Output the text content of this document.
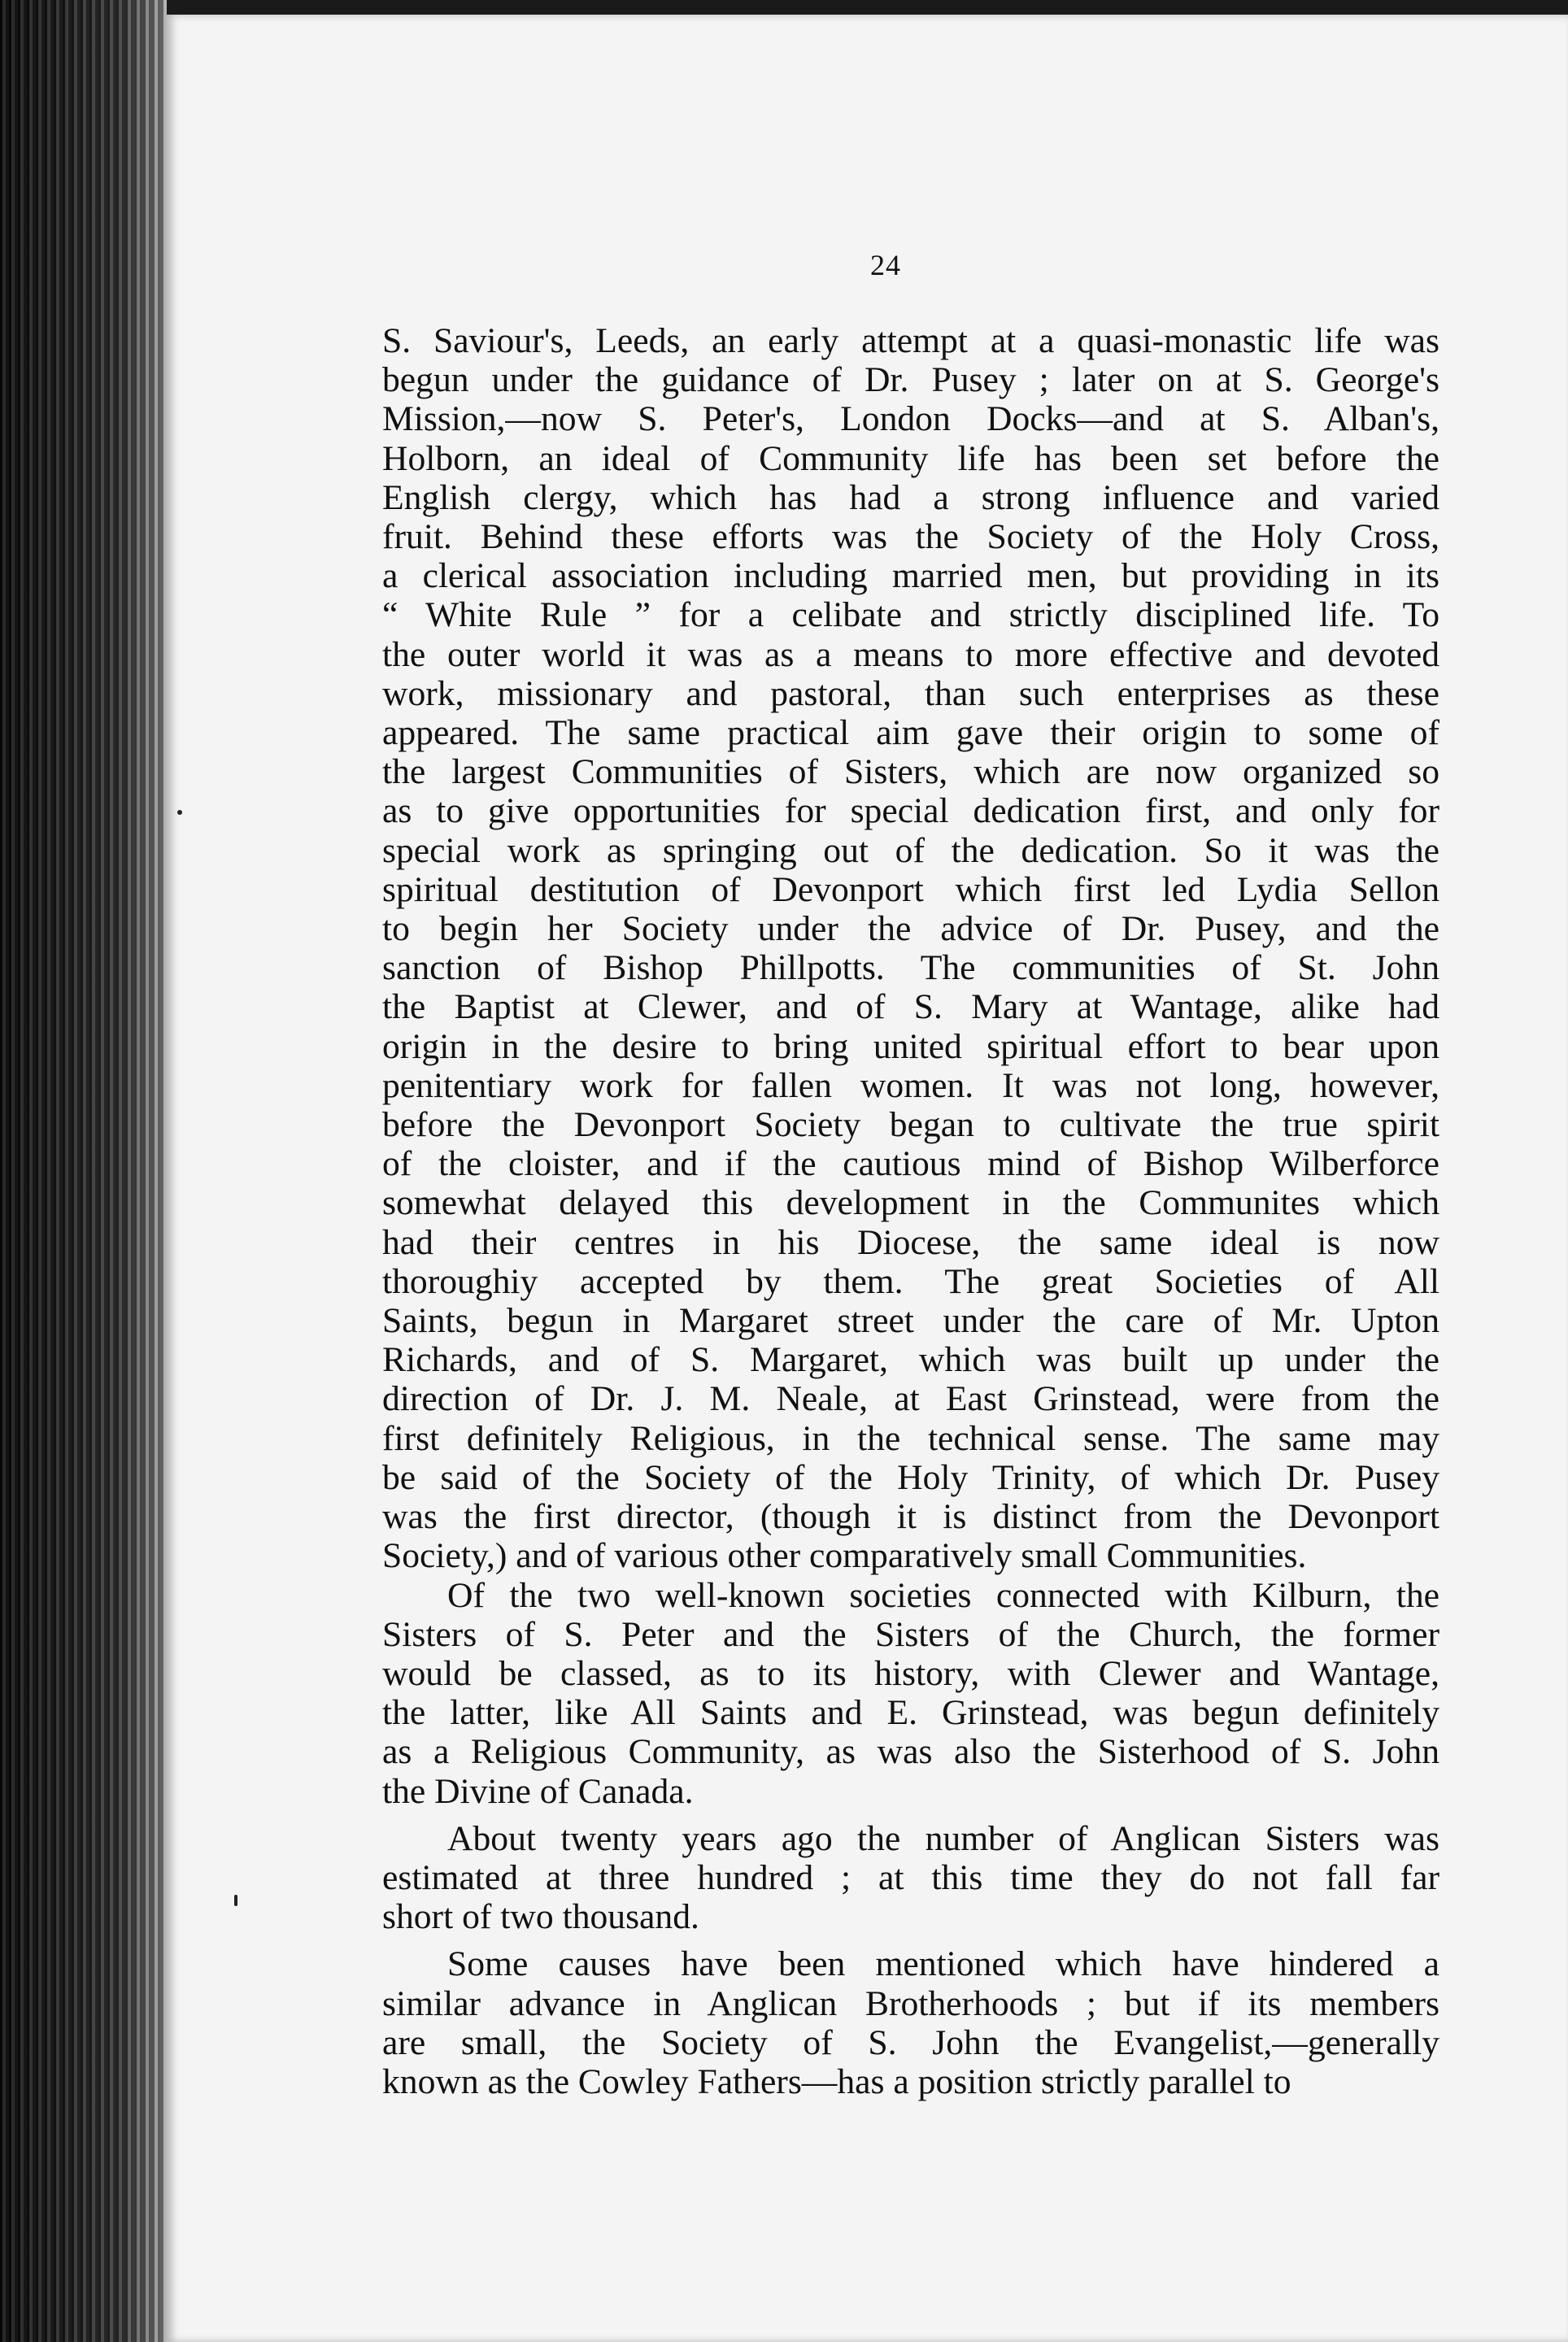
24
S. Saviour's, Leeds, an early attempt at a quasi-monastic life was
begun under the guidance of Dr. Pusey ; later on at S. George's
Mission,—now S. Peter's, London Docks—and at S. Alban's,
Holborn, an ideal of Community life has been set before the
English clergy, which has had a strong influence and varied
fruit. Behind these efforts was the Society of the Holy Cross,
a clerical association including married men, but providing in its
“ White Rule ” for a celibate and strictly disciplined life. To
the outer world it was as a means to more effective and devoted
work, missionary and pastoral, than such enterprises as these
appeared. The same practical aim gave their origin to some of
the largest Communities of Sisters, which are now organized so
as to give opportunities for special dedication first, and only for
special work as springing out of the dedication. So it was the
spiritual destitution of Devonport which first led Lydia Sellon
to begin her Society under the advice of Dr. Pusey, and the
sanction of Bishop Phillpotts. The communities of St. John
the Baptist at Clewer, and of S. Mary at Wantage, alike had
origin in the desire to bring united spiritual effort to bear upon
penitentiary work for fallen women. It was not long, however,
before the Devonport Society began to cultivate the true spirit
of the cloister, and if the cautious mind of Bishop Wilberforce
somewhat delayed this development in the Communites which
had their centres in his Diocese, the same ideal is now
thoroughiy accepted by them. The great Societies of All
Saints, begun in Margaret street under the care of Mr. Upton
Richards, and of S. Margaret, which was built up under the
direction of Dr. J. M. Neale, at East Grinstead, were from the
first definitely Religious, in the technical sense. The same may
be said of the Society of the Holy Trinity, of which Dr. Pusey
was the first director, (though it is distinct from the Devonport
Society,) and of various other comparatively small Communities.
Of the two well-known societies connected with Kilburn, the
Sisters of S. Peter and the Sisters of the Church, the former
would be classed, as to its history, with Clewer and Wantage,
the latter, like All Saints and E. Grinstead, was begun definitely
as a Religious Community, as was also the Sisterhood of S. John
the Divine of Canada.
About twenty years ago the number of Anglican Sisters was
estimated at three hundred ; at this time they do not fall far
short of two thousand.
Some causes have been mentioned which have hindered a
similar advance in Anglican Brotherhoods ; but if its members
are small, the Society of S. John the Evangelist,—generally
known as the Cowley Fathers—has a position strictly parallel to
